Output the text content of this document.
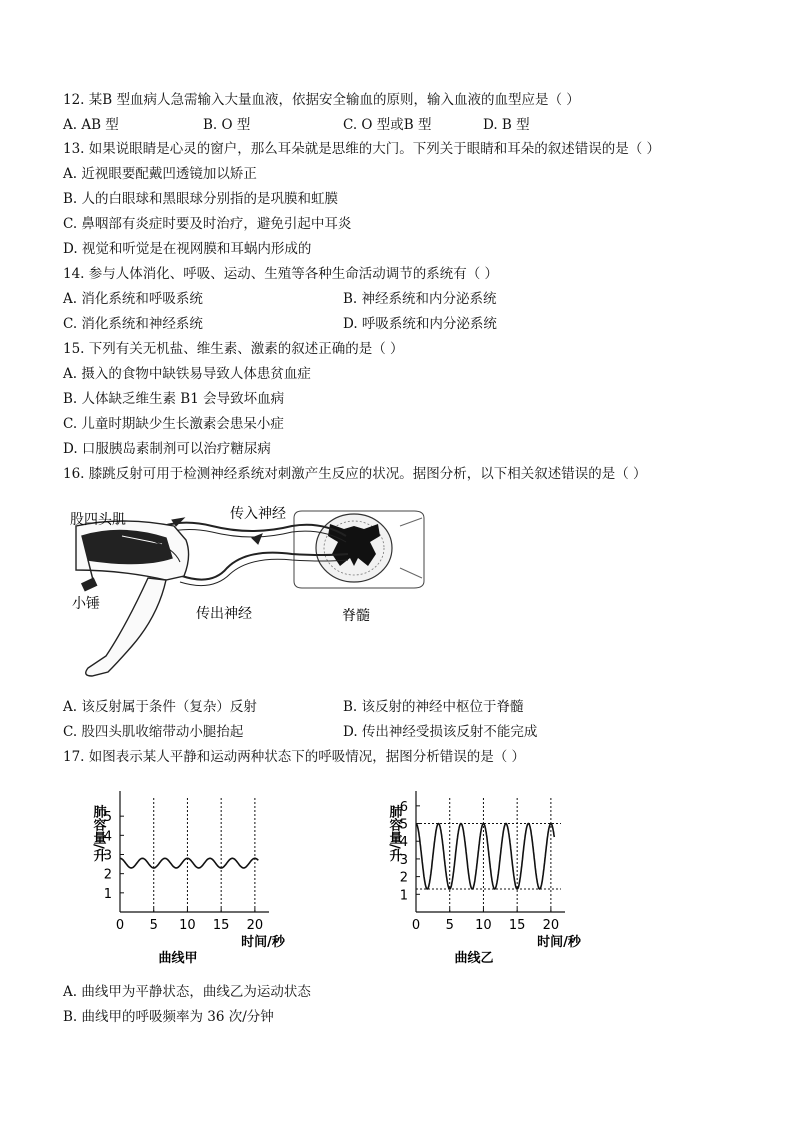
12. 某B 型血病人急需输入大量血液，依据安全输血的原则，输入血液的血型应是（ ）
A. AB 型	B. O 型	C. O 型或B 型	D. B 型
13. 如果说眼睛是心灵的窗户，那么耳朵就是思维的大门。下列关于眼睛和耳朵的叙述错误的是（ ）
A. 近视眼要配戴凹透镜加以矫正
B. 人的白眼球和黑眼球分别指的是巩膜和虹膜
C. 鼻咽部有炎症时要及时治疗，避免引起中耳炎
D. 视觉和听觉是在视网膜和耳蜗内形成的
14. 参与人体消化、呼吸、运动、生殖等各种生命活动调节的系统有（ ）
A. 消化系统和呼吸系统	B. 神经系统和内分泌系统
C. 消化系统和神经系统	D. 呼吸系统和内分泌系统
15. 下列有关无机盐、维生素、激素的叙述正确的是（ ）
A. 摄入的食物中缺铁易导致人体患贫血症
B. 人体缺乏维生素 B1 会导致坏血病
C. 儿童时期缺少生长激素会患呆小症
D. 口服胰岛素制剂可以治疗糖尿病
16. 膝跳反射可用于检测神经系统对刺激产生反应的状况。据图分析，以下相关叙述错误的是（ ）
股四头肌	传入神经
小锤
传出神经	脊髓
A. 该反射属于条件（复杂）反射	B. 该反射的神经中枢位于脊髓
C. 股四头肌收缩带动小腿抬起	D. 传出神经受损该反射不能完成
17. 如图表示某人平静和运动两种状态下的呼吸情况，据图分析错误的是（ ）
0 5 10 15 20
1
2
3
4
5
肺容量/升
时间/秒
曲线甲
0 5 10 15 20
1
2
3
4
5
6
肺容量/升
时间/秒
曲线乙
A. 曲线甲为平静状态，曲线乙为运动状态
B. 曲线甲的呼吸频率为 36 次/分钟
